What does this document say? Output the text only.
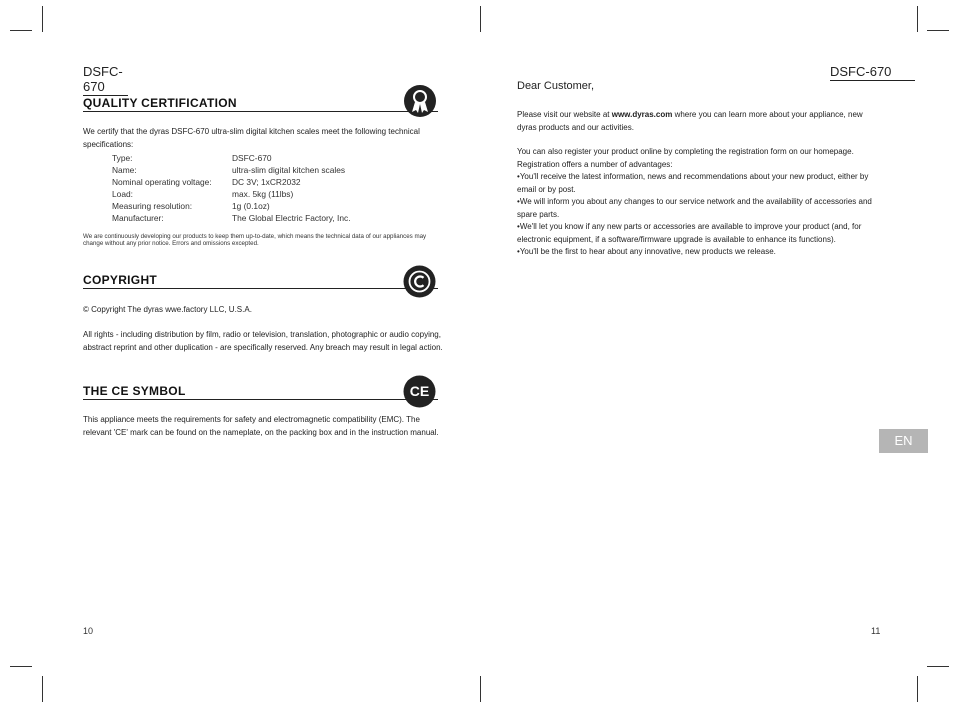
DSFC-670
QUALITY CERTIFICATION
We certify that the dyras DSFC-670 ultra-slim digital kitchen scales meet the following technical specifications:
Type:	DSFC-670
Name:	ultra-slim digital kitchen scales
Nominal operating voltage: DC 3V; 1xCR2032
Load:	max. 5kg (11lbs)
Measuring resolution:	1g (0.1oz)
Manufacturer:	The Global Electric Factory, Inc.
We are continuously developing our products to keep them up-to-date, which means the technical data of our appliances may change without any prior notice. Errors and omissions excepted.
COPYRIGHT
© Copyright The dyras wwe.factory LLC, U.S.A.
All rights - including distribution by film, radio or television, translation, photographic or audio copying, abstract reprint and other duplication - are specifically reserved. Any breach may result in legal action.
THE CE SYMBOL	CE
This appliance meets the requirements for safety and electromagnetic compatibility (EMC). The relevant 'CE' mark can be found on the nameplate, on the packing box and in the instruction manual.
10
Dear Customer,
DSFC-670
Please visit our website at www.dyras.com where you can learn more about your appliance, new dyras products and our activities.
You can also register your product online by completing the registration form on our homepage. Registration offers a number of advantages:
• You'll receive the latest information, news and recommendations about your new product, either by email or by post.
• We will inform you about any changes to our service network and the availability of accessories and spare parts.
• We'll let you know if any new parts or accessories are available to improve your product (and, for electronic equipment, if a software/firmware upgrade is available to enhance its functions).
• You'll be the first to hear about any innovative, new products we release.
EN
11
